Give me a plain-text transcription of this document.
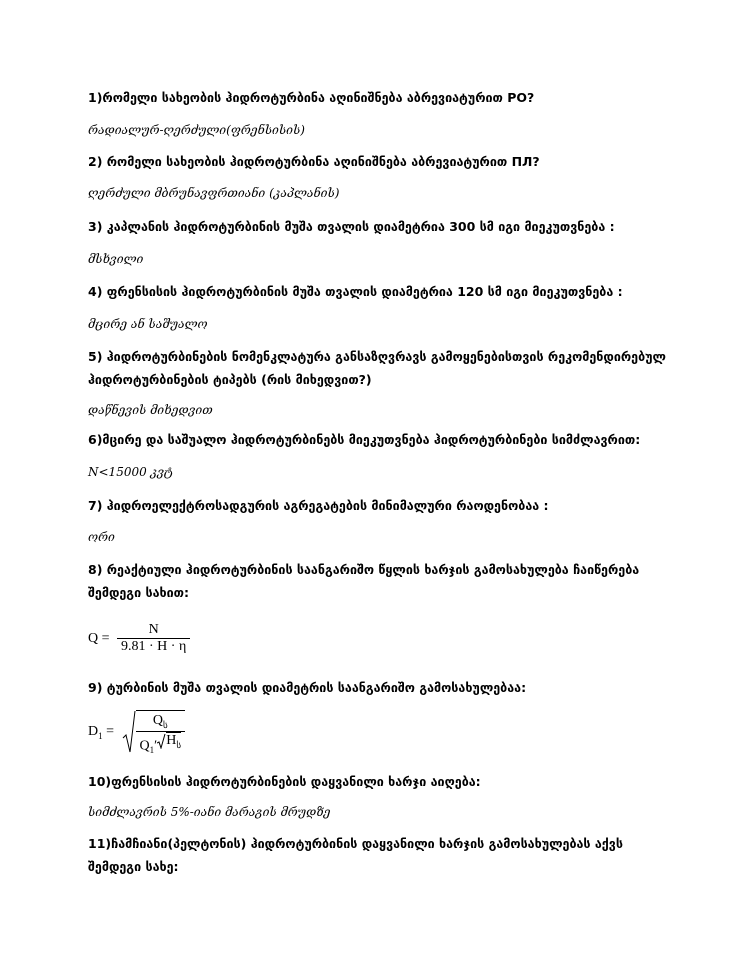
1)რომელი სახეობის ჰიდროტურბინა აღინიშნება აბრევიატურით РО?
რადიალურ-ღერძული(ფრენსისის)
2) რომელი სახეობის ჰიდროტურბინა აღინიშნება აბრევიატურით ПЛ?
ღერძული მბრუნავფრთიანი (კაპლანის)
3) კაპლანის ჰიდროტურბინის მუშა თვალის დიამეტრია 300 სმ იგი მიეკუთვნება :
მსხვილი
4) ფრენსისის ჰიდროტურბინის მუშა თვალის დიამეტრია 120 სმ იგი მიეკუთვნება :
მცირე ან საშუალო
5) ჰიდროტურბინების ნომენკლატურა განსაზღვრავს გამოყენებისთვის რეკომენდირებულ ჰიდროტურბინების ტიპებს (რის მიხედვით?)
დაწნევის მიხედვით
6)მცირე და საშუალო ჰიდროტურბინებს მიეკუთვნება ჰიდროტურბინები სიმძლავრით:
N<15000 კვტ
7) ჰიდროელექტროსადგურის აგრეგატების მინიმალური რაოდენობაა :
ორი
8) რეაქტიული ჰიდროტურბინის საანგარიშო წყლის ხარჯის გამოსახულება ჩაიწერება შემდეგი სახით:
$Q = \frac{N}{9.81 \cdot H \cdot \eta}$
9) ტურბინის მუშა თვალის დიამეტრის საანგარიშო გამოსახულებაა:
$D_1 = \frac{Q_ს}{Q_1' H_ს}$
10)ფრენსისის ჰიდროტურბინების დაყვანილი ხარჯი აიღება:
სიმძლავრის 5%-იანი მარაგის მრუდზე
11)ჩამჩიანი(პელტონის) ჰიდროტურბინის დაყვანილი ხარჯის გამოსახულებას აქვს შემდეგი სახე:
